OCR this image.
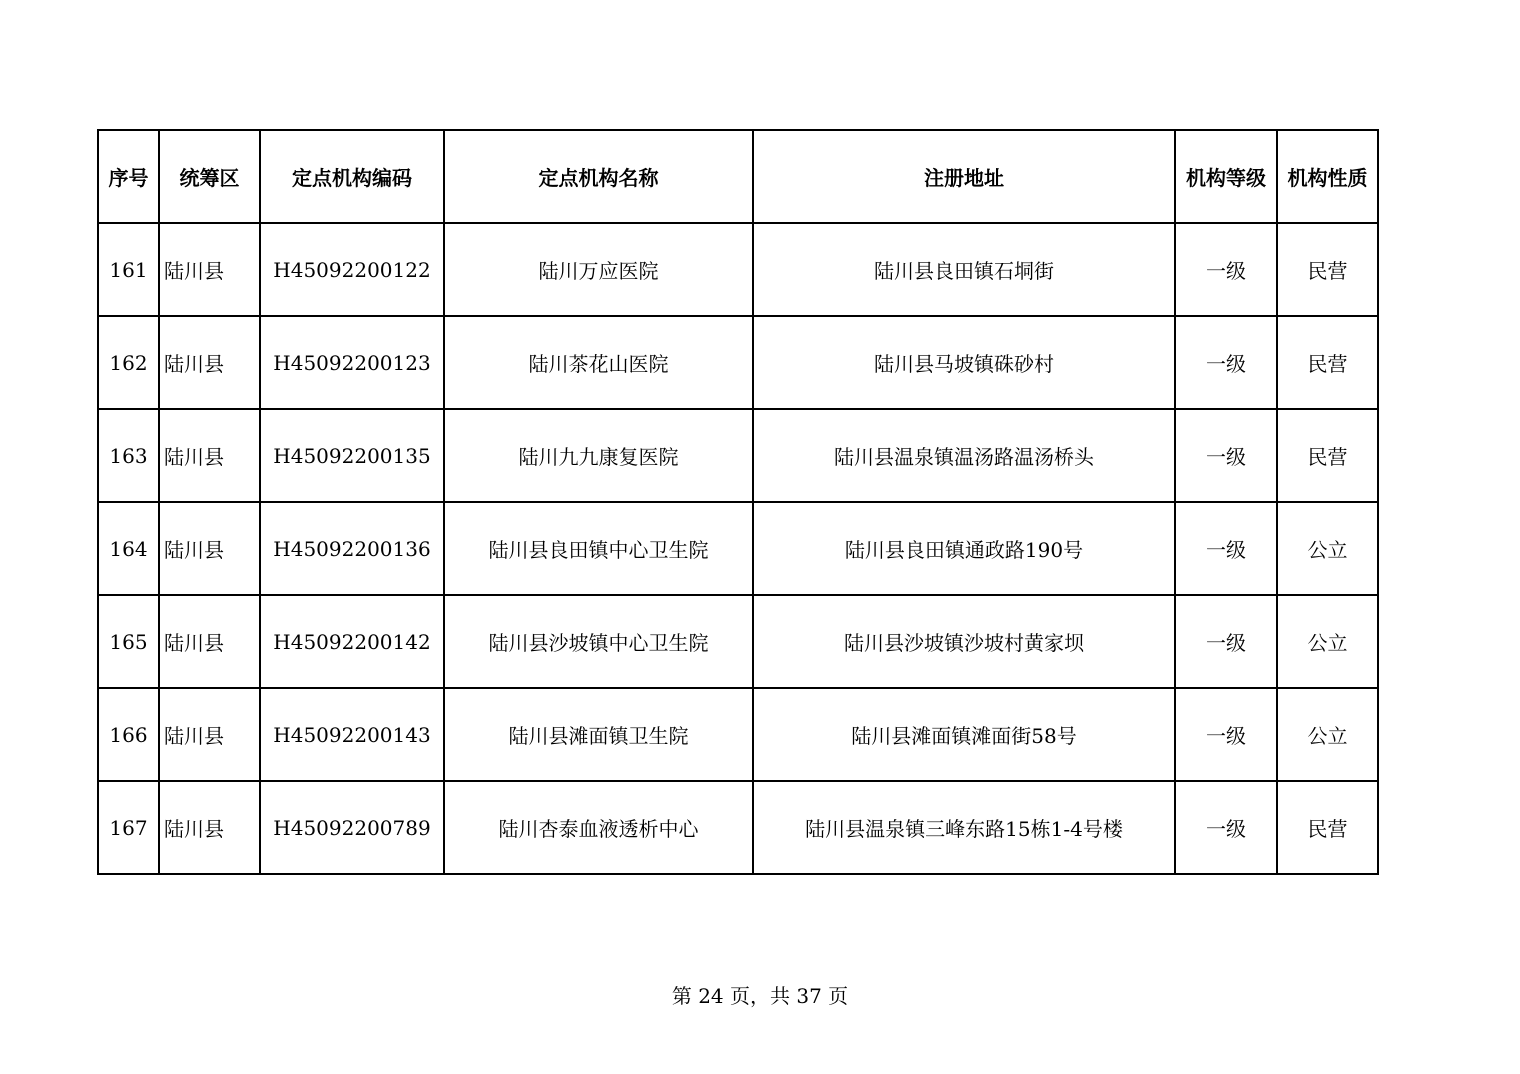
序号	统筹区	定点机构编码	定点机构名称	注册地址	机构等级	机构性质
161	陆川县	H45092200122	陆川万应医院	陆川县良田镇石垌街	一级	民营
162	陆川县	H45092200123	陆川茶花山医院	陆川县马坡镇硃砂村	一级	民营
163	陆川县	H45092200135	陆川九九康复医院	陆川县温泉镇温汤路温汤桥头	一级	民营
164	陆川县	H45092200136	陆川县良田镇中心卫生院	陆川县良田镇通政路190号	一级	公立
165	陆川县	H45092200142	陆川县沙坡镇中心卫生院	陆川县沙坡镇沙坡村黄家坝	一级	公立
166	陆川县	H45092200143	陆川县滩面镇卫生院	陆川县滩面镇滩面街58号	一级	公立
167	陆川县	H45092200789	陆川杏泰血液透析中心	陆川县温泉镇三峰东路15栋1-4号楼	一级	民营
第 24 页，共 37 页
